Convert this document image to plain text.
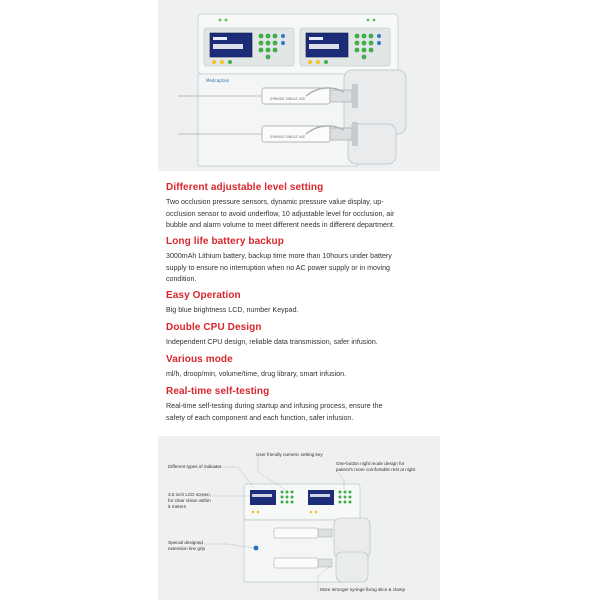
SYRINGE SINGLE USE
SYRINGE SINGLE USE
Medcaptain
Different adjustable level setting
Two occlusion pressure sensors, dynamic pressure value display, up-
occlusion sensor to avoid underflow, 10 adjustable level for occlusion, air
bubble and alarm volume to meet different needs in different department.
Long life battery backup
3000mAh Lithium battery, backup time more than 10hours under battery
supply to ensure no interruption when no AC power supply or in moving
condition.
Easy Operation
Big blue brightness LCD, number Keypad.
Double CPU Design
Independent CPU design, reliable data transmission, safer infusion.
Various mode
ml/h, droop/min, volume/time, drug library, smart infusion.
Real-time self-testing
Real-time self-testing during startup and infusing process, ensure the
safety of each component and each function, safer infusion.
Different types of indicator
User friendly numeric setting key
One-button night mode design for
patient's more comfortable rest at night
3.5 inch LCD screen
for clear vision within
5 meters
Special designed
extension line grip
More stronger syringe fixing slice & clamp
